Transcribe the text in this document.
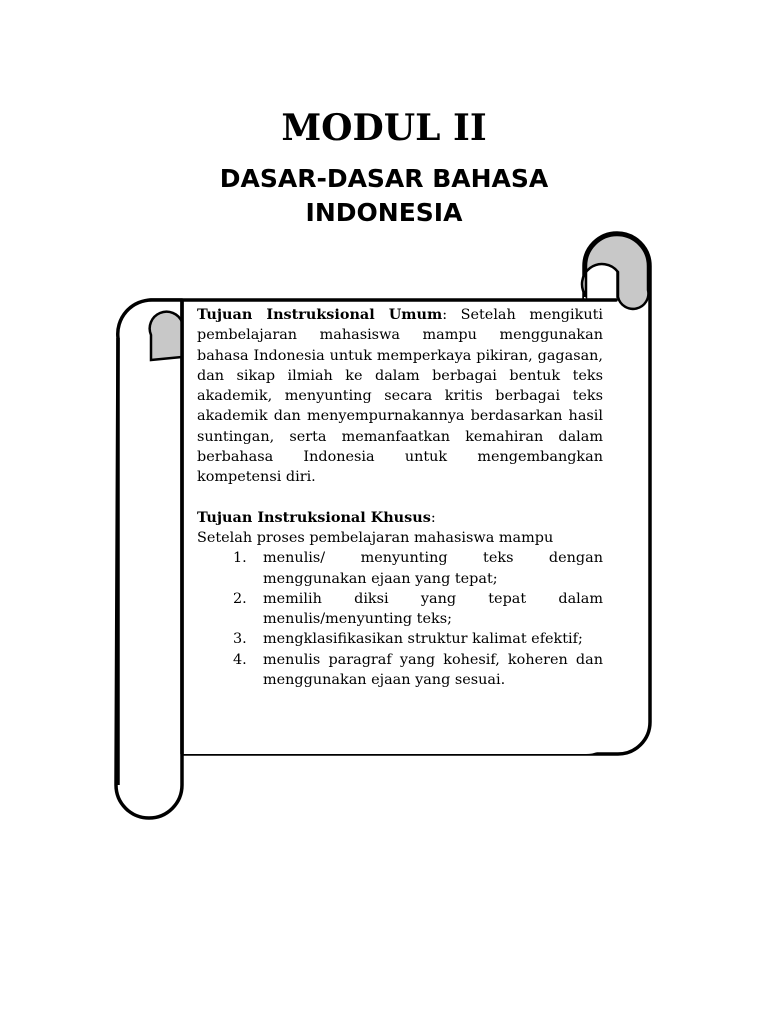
MODUL II
DASAR-DASAR BAHASA
INDONESIA

Tujuan Instruksional Umum: Setelah mengikuti pembelajaran mahasiswa mampu menggunakan bahasa Indonesia untuk memperkaya pikiran, gagasan, dan sikap ilmiah ke dalam berbagai bentuk teks akademik, menyunting secara kritis berbagai teks akademik dan menyempurnakannya berdasarkan hasil suntingan, serta memanfaatkan kemahiran dalam berbahasa Indonesia untuk mengembangkan kompetensi diri.

Tujuan Instruksional Khusus:

Setelah proses pembelajaran mahasiswa mampu

1. menulis/ menyunting teks dengan menggunakan ejaan yang tepat;
2. memilih diksi yang tepat dalam menulis/menyunting teks;
3. mengklasifikasikan struktur kalimat efektif;
4. menulis paragraf yang kohesif, koheren dan menggunakan ejaan yang sesuai.
